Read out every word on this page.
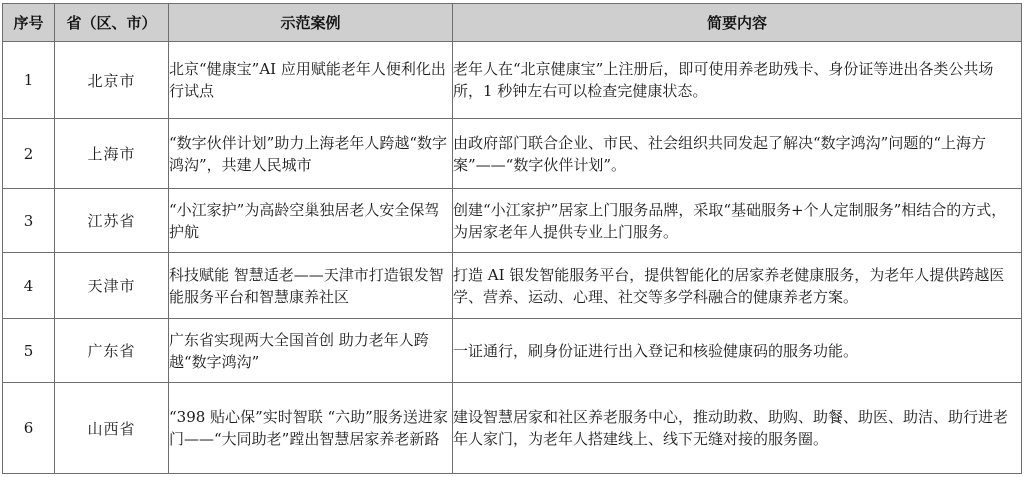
序号	省（区、市）	示范案例	简要内容
1	北京市	北京“健康宝”AI 应用赋能老年人便利化出行试点	老年人在“北京健康宝”上注册后，即可使用养老助残卡、身份证等进出各类公共场所，1 秒钟左右可以检查完健康状态。
2	上海市	“数字伙伴计划”助力上海老年人跨越“数字鸿沟”，共建人民城市	由政府部门联合企业、市民、社会组织共同发起了解决“数字鸿沟”问题的“上海方案”——“数字伙伴计划”。
3	江苏省	“小江家护”为高龄空巢独居老人安全保驾护航	创建“小江家护”居家上门服务品牌，采取“基础服务+个人定制服务”相结合的方式，为居家老年人提供专业上门服务。
4	天津市	科技赋能 智慧适老——天津市打造银发智能服务平台和智慧康养社区	打造 AI 银发智能服务平台，提供智能化的居家养老健康服务，为老年人提供跨越医学、营养、运动、心理、社交等多学科融合的健康养老方案。
5	广东省	广东省实现两大全国首创 助力老年人跨越“数字鸿沟”	一证通行，刷身份证进行出入登记和核验健康码的服务功能。
6	山西省	“398 贴心保”实时智联 “六助”服务送进家门——“大同助老”蹚出智慧居家养老新路	建设智慧居家和社区养老服务中心，推动助救、助购、助餐、助医、助洁、助行进老年人家门，为老年人搭建线上、线下无缝对接的服务圈。
